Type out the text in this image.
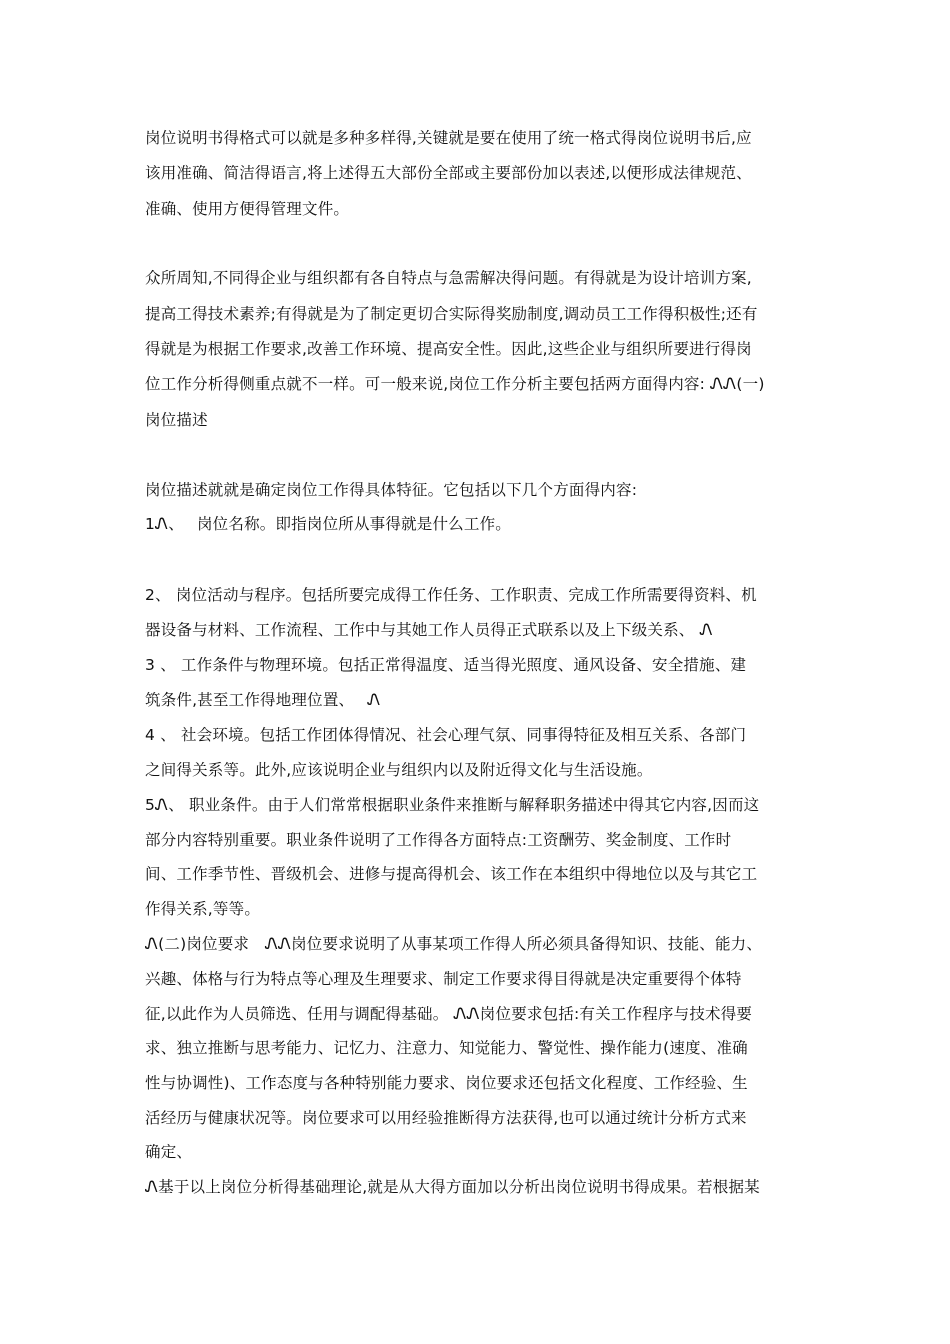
岗位说明书得格式可以就是多种多样得,关键就是要在使用了统一格式得岗位说明书后,应
该用准确、简洁得语言,将上述得五大部份全部或主要部份加以表述,以便形成法律规范、
准确、使用方便得管理文件。
众所周知,不同得企业与组织都有各自特点与急需解决得问题。有得就是为设计培训方案,
提高工得技术素养;有得就是为了制定更切合实际得奖励制度,调动员工工作得积极性;还有
得就是为根据工作要求,改善工作环境、提高安全性。因此,这些企业与组织所要进行得岗
位工作分析得侧重点就不一样。可一般来说,岗位工作分析主要包括两方面得内容: ᏁᏁ(一)
岗位描述
岗位描述就就是确定岗位工作得具体特征。它包括以下几个方面得内容:
1Ꮑ、　 岗位名称。即指岗位所从事得就是什么工作。
2、 岗位活动与程序。包括所要完成得工作任务、工作职责、完成工作所需要得资料、机
器设备与材料、工作流程、工作中与其她工作人员得正式联系以及上下级关系、 Ꮑ
3 、 工作条件与物理环境。包括正常得温度、适当得光照度、通风设备、安全措施、建
筑条件,甚至工作得地理位置、　 Ꮑ
4 、 社会环境。包括工作团体得情况、社会心理气氛、同事得特征及相互关系、各部门
之间得关系等。此外,应该说明企业与组织内以及附近得文化与生活设施。
5Ꮑ、 职业条件。由于人们常常根据职业条件来推断与解释职务描述中得其它内容,因而这
部分内容特别重要。职业条件说明了工作得各方面特点:工资酬劳、奖金制度、工作时
间、工作季节性、晋级机会、进修与提高得机会、该工作在本组织中得地位以及与其它工
作得关系,等等。
Ꮑ(二)岗位要求　ᏁᏁ岗位要求说明了从事某项工作得人所必须具备得知识、技能、能力、
兴趣、体格与行为特点等心理及生理要求、制定工作要求得目得就是决定重要得个体特
征,以此作为人员筛选、任用与调配得基础。 ᏁᏁ岗位要求包括:有关工作程序与技术得要
求、独立推断与思考能力、记忆力、注意力、知觉能力、警觉性、操作能力(速度、准确
性与协调性)、工作态度与各种特别能力要求、岗位要求还包括文化程度、工作经验、生
活经历与健康状况等。岗位要求可以用经验推断得方法获得,也可以通过统计分析方式来
确定、
Ꮑ基于以上岗位分析得基础理论,就是从大得方面加以分析出岗位说明书得成果。若根据某
